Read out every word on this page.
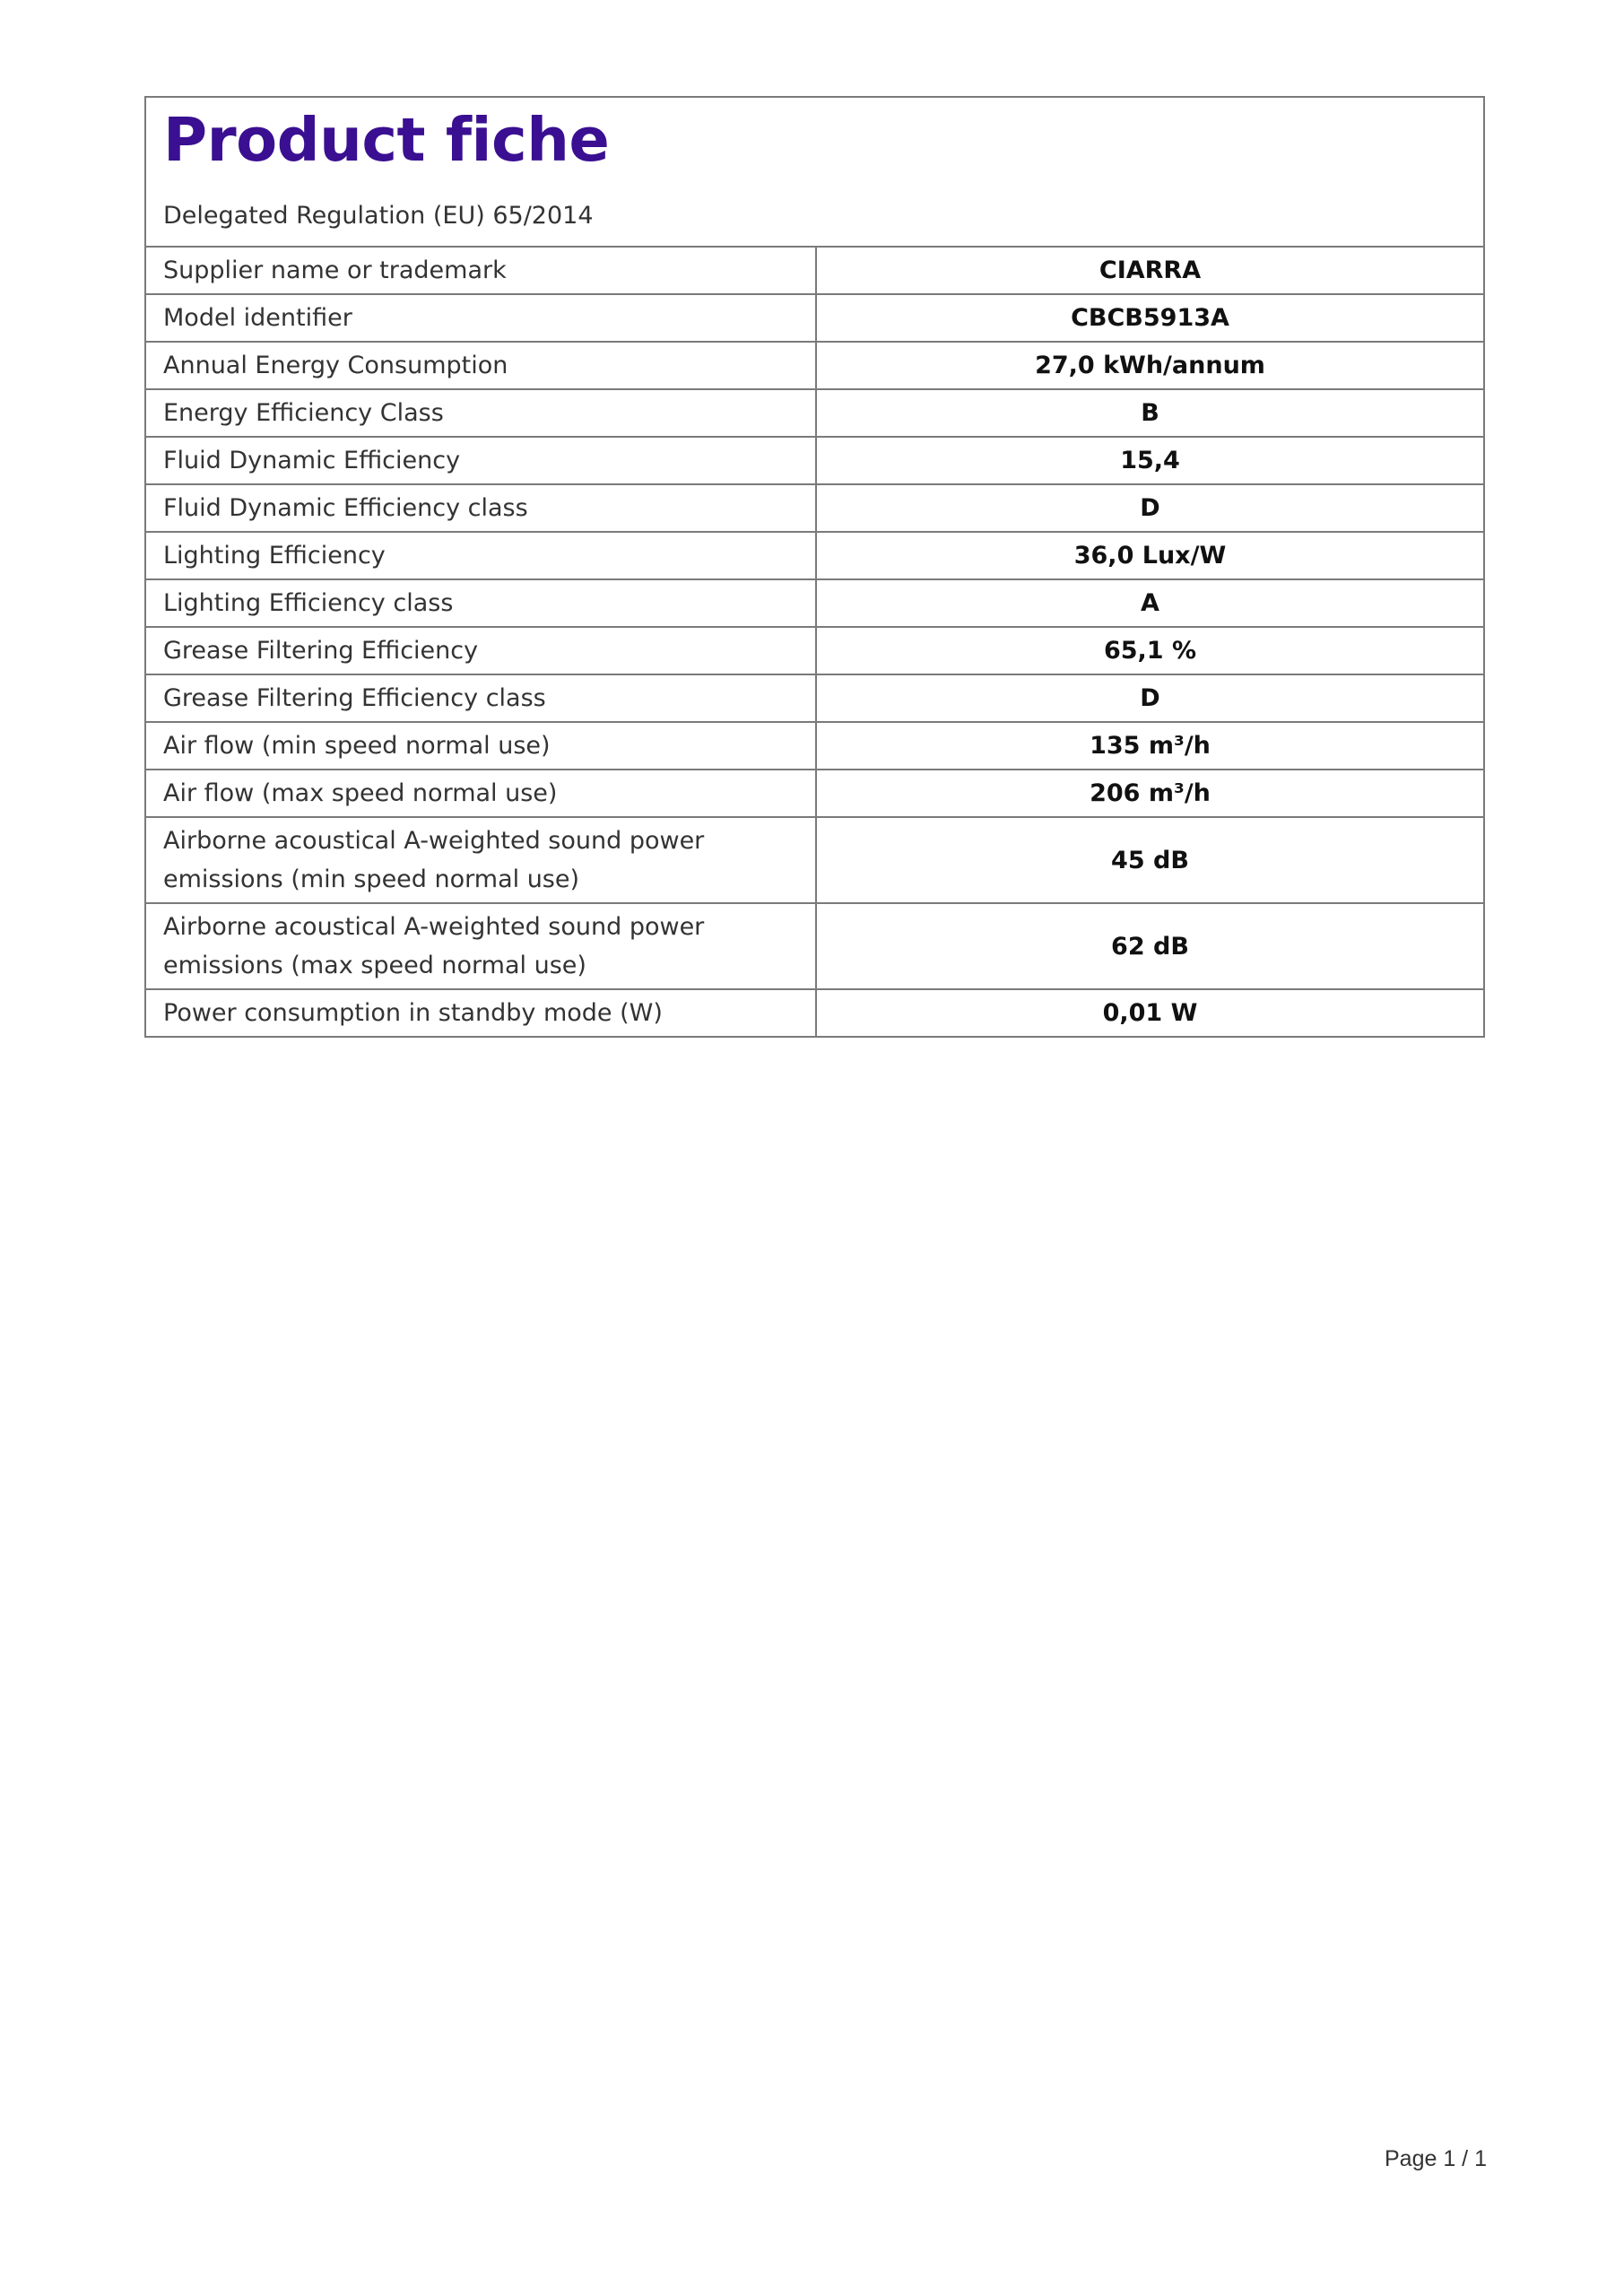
Product fiche
Delegated Regulation (EU) 65/2014
Supplier name or trademark	CIARRA
Model identifier	CBCB5913A
Annual Energy Consumption	27,0 kWh/annum
Energy Efficiency Class	B
Fluid Dynamic Efficiency	15,4
Fluid Dynamic Efficiency class	D
Lighting Efficiency	36,0 Lux/W
Lighting Efficiency class	A
Grease Filtering Efficiency	65,1 %
Grease Filtering Efficiency class	D
Air flow (min speed normal use)	135 m³/h
Air flow (max speed normal use)	206 m³/h
Airborne acoustical A-weighted sound power emissions (min speed normal use)	45 dB
Airborne acoustical A-weighted sound power emissions (max speed normal use)	62 dB
Power consumption in standby mode (W)	0,01 W
Page 1 / 1
